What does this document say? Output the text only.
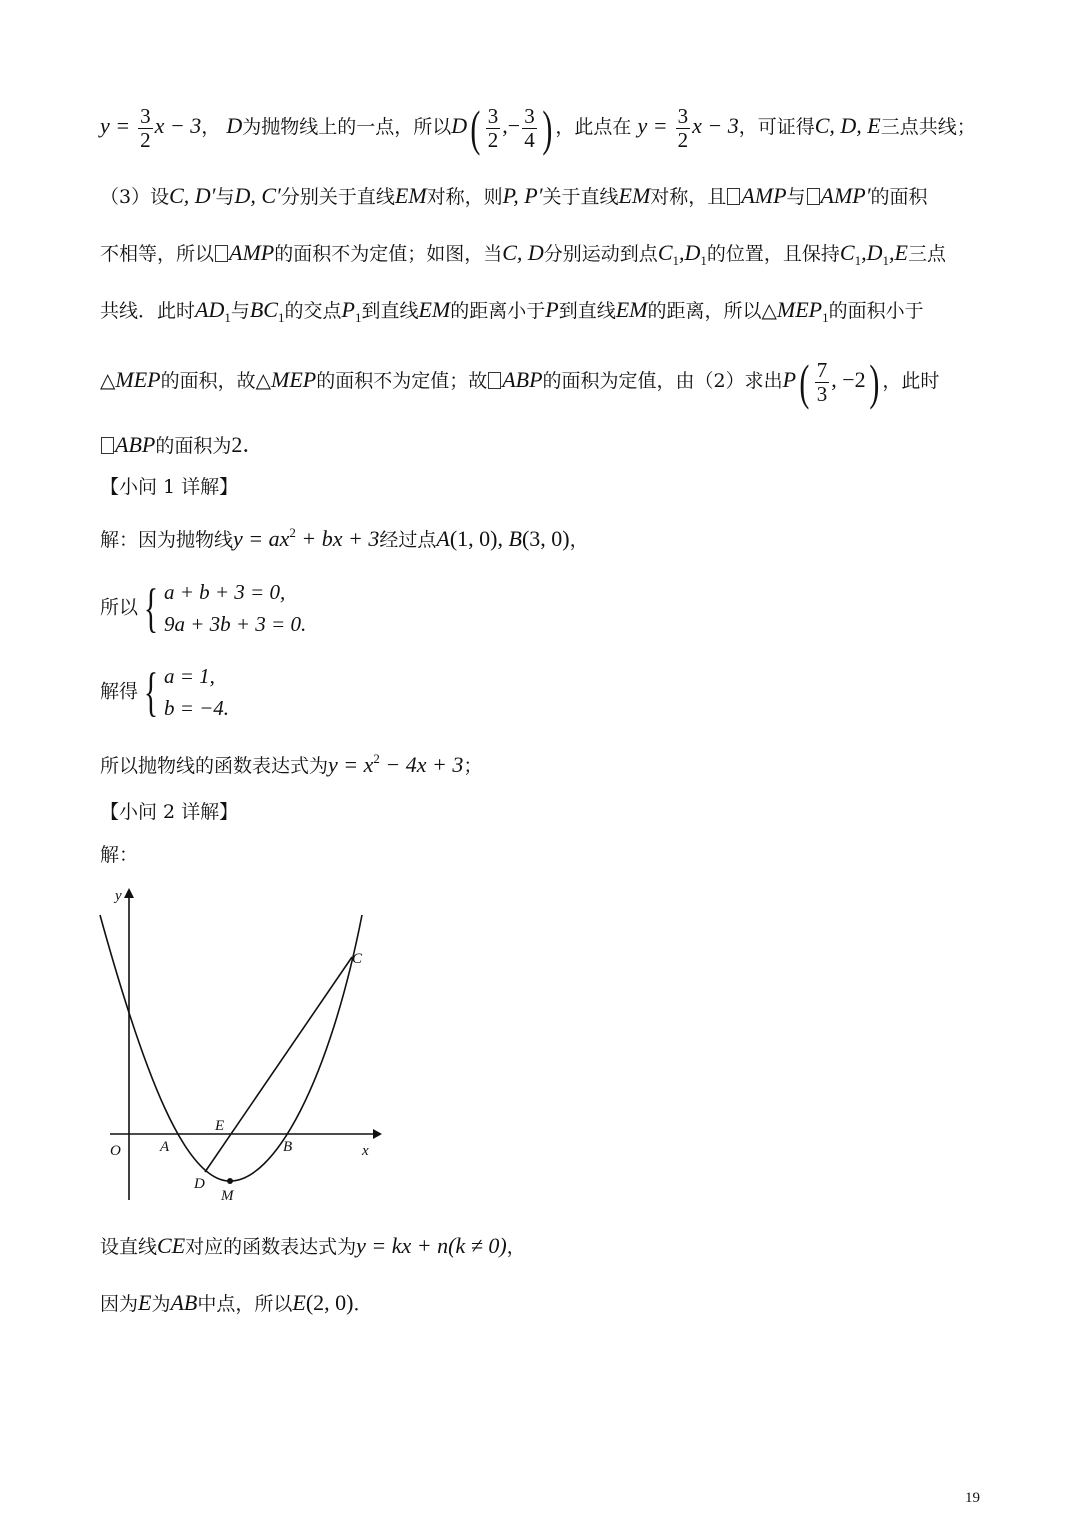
$y = \frac{3}{2}$ x − 3， D为抛物线上的一点，所以$D( \frac{3}{2}$ ,− $\frac{3}{4}$ ) ，此点在 $y = \frac{3}{2}$ x − 3，可证得C, D, E三点共线；
（3）设C, D′与D, C′分别关于直线EM对称，则P, P′关于直线EM对称，且 AMP与 AMP′的面积
不相等，所以 AMP的面积不为定值；如图，当C, D分别运动到点$C_1,D_1$的位置，且保持$C_1,D_1,E$三点
共线．此时$AD_1$与$BC_1$的交点$P_1$到直线EM的距离小于P到直线EM的距离，所以$\triangle MEP_1$的面积小于
△MEP的面积，故△MEP的面积不为定值；故 ABP的面积为定值，由（2）求出$P( \frac{7}{3}$ , −2) ，此时
ABP的面积为2．
【小问 1 详解】
解：因为抛物线$y = ax^2$ + bx + 3经过点A(1, 0), B(3, 0)，
所以 { a + b + 3 = 0,
9a + 3b + 3 = 0.
解得 { a = 1,
b = −4.
所以抛物线的函数表达式为$y = x^2 - 4x + 3$；
【小问 2 详解】
解：
y
x
O	A	B
E
C
D
M
设直线CE对应的函数表达式为y = kx + n(k ≠ 0)，
因为E为AB中点，所以E(2, 0)．
19
